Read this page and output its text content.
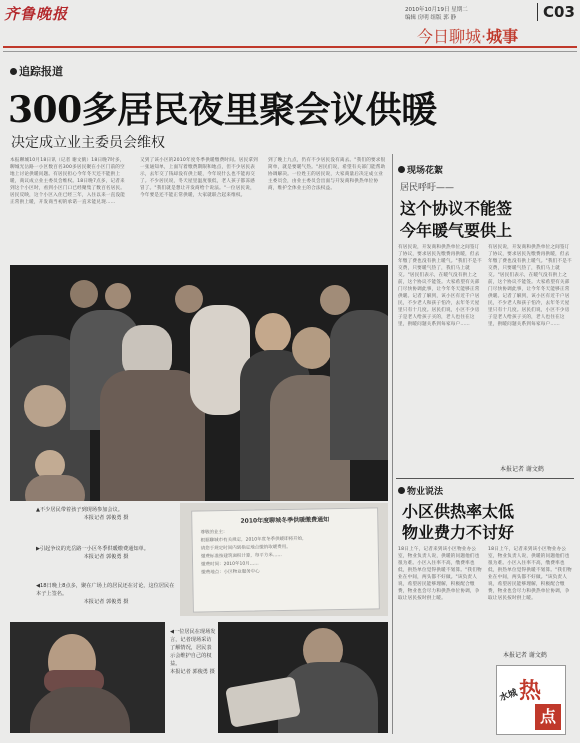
齐鲁晚报	2010年10月19日 星期二
编辑 房明 组版 郭 静	C03
今日聊城·城事
追踪报道
300多居民夜里聚会议供暖
决定成立业主委员会维权
本报聊城10月18日讯（记者 谢文鹤）18日晚7时多，聊城光岳路一小区数百名300多居民聚在小区门前的空地上讨论供暖问题。有居民担心今年冬天还不能供上暖，商议成立业主委员会维权。18日晚7点多，记者来到这个小区时，看到小区门口已经聚集了数百名居民。居民反映，这个小区入住已经三年，入住以来一直没能正常供上暖，开发商当初的承诺一直未能兑现……
又到了该小区的2010年度冬季供暖缴费时间。居民拿到一张通知单，上面写着缴费期限和地点，但不少居民表示，去年交了钱却没有供上暖，今年说什么也不能再交了。不少居民说，冬天屋里温度很低，老人孩子都冻感冒了。"我们就是想让开发商给个说法。"一位居民说，今年要是还不能正常供暖，大家就联合起来维权。
到了晚上九点，仍有不少居民没有离去。"我们的要求很简单，就是要暖气热。"居民们说，希望有关部门能帮助协调解决。一位姓王的居民说，大家商量后决定成立业主委员会，由业主委员会出面与开发商和供热单位协商，维护全体业主的合法权益。
▲不少居民带着孩子到现场参加会议。
本报记者 郭俊勇 摄
▶引起争议的光岳路一小区冬季供暖缴费通知单。
本报记者 郭俊勇 摄
◀18日晚上8点多，聚在广场上的居民还在讨论，这位居民在本子上签名。
本报记者 郭俊勇 摄
2010年度聊城冬季供暖缴费通知
尊敬的业主：
根据聊城市有关规定，2010年度冬季供暖即将开始，
请您于规定时间内到指定地点缴纳取暖费用。
缴费标准按建筑面积计算，每平方米……
缴费时间：2010年10月……
缴费地点：小区物业服务中心
◀一位居民在现场发言，记者现场采访了解情况，居民表示会维护自己的权益。
本报记者 郭俊勇 摄
现场花絮
居民呼吁——
这个协议不能签
今年暖气要供上
有居民说，开发商和供热单位之间签订了协议，要求居民先缴费再供暖，但去年缴了费也没有供上暖气。"我们不是不交费，只要暖气热了，我们马上就交。"居民们表示，在暖气没有供上之前，这个协议不能签。大家希望有关部门尽快协调此事，让今年冬天能够正常供暖。记者了解到，该小区有近千户居民，不少老人和孩子怕冷，去年冬天屋里只有十几度。居民们说，小区不少房子是老人给孩子买的，老人也住在这里，供暖问题关系到每家每户……
有居民说，开发商和供热单位之间签订了协议，要求居民先缴费再供暖，但去年缴了费也没有供上暖气。"我们不是不交费，只要暖气热了，我们马上就交。"居民们表示，在暖气没有供上之前，这个协议不能签。大家希望有关部门尽快协调此事，让今年冬天能够正常供暖。记者了解到，该小区有近千户居民，不少老人和孩子怕冷，去年冬天屋里只有十几度。居民们说，小区不少房子是老人给孩子买的，老人也住在这里，供暖问题关系到每家每户……
本报记者 谢文鹤
物业说法
小区供热率太低
物业费力不讨好
18日上午，记者来到该小区物业办公室，物业负责人说，供暖的问题他们也很为难。小区入住率不高，缴费率也低，供热单位觉得供暖不划算。"我们物业在中间，两头都不好做。"该负责人说，希望居民能够理解，积极配合缴费，物业也会尽力和供热单位协调，争取让居民按时供上暖。
18日上午，记者来到该小区物业办公室，物业负责人说，供暖的问题他们也很为难。小区入住率不高，缴费率也低，供热单位觉得供暖不划算。"我们物业在中间，两头都不好做。"该负责人说，希望居民能够理解，积极配合缴费，物业也会尽力和供热单位协调，争取让居民按时供上暖。
本报记者 谢文鹤
水城 热
点
